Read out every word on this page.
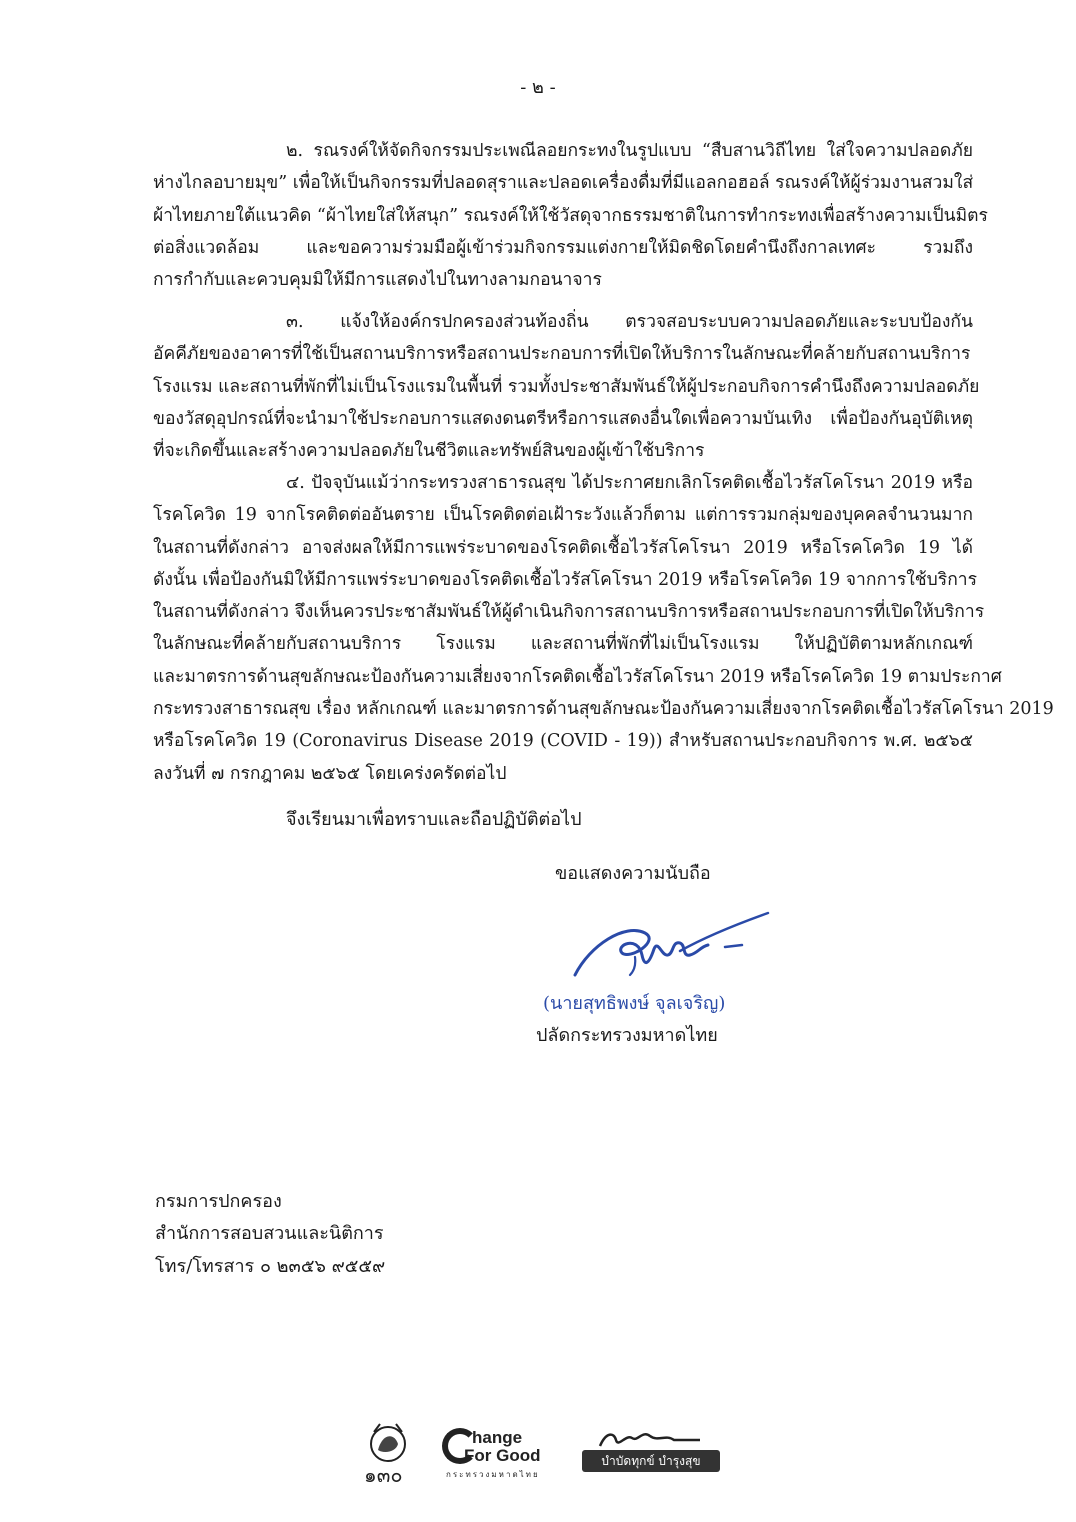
- ๒ -
๒. รณรงค์ให้จัดกิจกรรมประเพณีลอยกระทงในรูปแบบ “สืบสานวิถีไทย ใส่ใจความปลอดภัย
ห่างไกลอบายมุข” เพื่อให้เป็นกิจกรรมที่ปลอดสุราและปลอดเครื่องดื่มที่มีแอลกอฮอล์ รณรงค์ให้ผู้ร่วมงานสวมใส่
ผ้าไทยภายใต้แนวคิด “ผ้าไทยใส่ให้สนุก” รณรงค์ให้ใช้วัสดุจากธรรมชาติในการทำกระทงเพื่อสร้างความเป็นมิตร
ต่อสิ่งแวดล้อม และขอความร่วมมือผู้เข้าร่วมกิจกรรมแต่งกายให้มิดชิดโดยคำนึงถึงกาลเทศะ รวมถึง
การกำกับและควบคุมมิให้มีการแสดงไปในทางลามกอนาจาร
๓. แจ้งให้องค์กรปกครองส่วนท้องถิ่น ตรวจสอบระบบความปลอดภัยและระบบป้องกัน
อัคคีภัยของอาคารที่ใช้เป็นสถานบริการหรือสถานประกอบการที่เปิดให้บริการในลักษณะที่คล้ายกับสถานบริการ
โรงแรม และสถานที่พักที่ไม่เป็นโรงแรมในพื้นที่ รวมทั้งประชาสัมพันธ์ให้ผู้ประกอบกิจการคำนึงถึงความปลอดภัย
ของวัสดุอุปกรณ์ที่จะนำมาใช้ประกอบการแสดงดนตรีหรือการแสดงอื่นใดเพื่อความบันเทิง เพื่อป้องกันอุบัติเหตุ
ที่จะเกิดขึ้นและสร้างความปลอดภัยในชีวิตและทรัพย์สินของผู้เข้าใช้บริการ
๔. ปัจจุบันแม้ว่ากระทรวงสาธารณสุข ได้ประกาศยกเลิกโรคติดเชื้อไวรัสโคโรนา 2019 หรือ
โรคโควิด 19 จากโรคติดต่ออันตราย เป็นโรคติดต่อเฝ้าระวังแล้วก็ตาม แต่การรวมกลุ่มของบุคคลจำนวนมาก
ในสถานที่ดังกล่าว อาจส่งผลให้มีการแพร่ระบาดของโรคติดเชื้อไวรัสโคโรนา 2019 หรือโรคโควิด 19 ได้
ดังนั้น เพื่อป้องกันมิให้มีการแพร่ระบาดของโรคติดเชื้อไวรัสโคโรนา 2019 หรือโรคโควิด 19 จากการใช้บริการ
ในสถานที่ดังกล่าว จึงเห็นควรประชาสัมพันธ์ให้ผู้ดำเนินกิจการสถานบริการหรือสถานประกอบการที่เปิดให้บริการ
ในลักษณะที่คล้ายกับสถานบริการ โรงแรม และสถานที่พักที่ไม่เป็นโรงแรม ให้ปฏิบัติตามหลักเกณฑ์
และมาตรการด้านสุขลักษณะป้องกันความเสี่ยงจากโรคติดเชื้อไวรัสโคโรนา 2019 หรือโรคโควิด 19 ตามประกาศ
กระทรวงสาธารณสุข เรื่อง หลักเกณฑ์ และมาตรการด้านสุขลักษณะป้องกันความเสี่ยงจากโรคติดเชื้อไวรัสโคโรนา 2019
หรือโรคโควิด 19 (Coronavirus Disease 2019 (COVID - 19)) สำหรับสถานประกอบกิจการ พ.ศ. ๒๕๖๕
ลงวันที่ ๗ กรกฎาคม ๒๕๖๕ โดยเคร่งครัดต่อไป
จึงเรียนมาเพื่อทราบและถือปฏิบัติต่อไป
ขอแสดงความนับถือ
(นายสุทธิพงษ์ จุลเจริญ)
ปลัดกระทรวงมหาดไทย
กรมการปกครอง
สำนักการสอบสวนและนิติการ
โทร/โทรสาร ๐ ๒๓๕๖ ๙๕๕๙
๑๓๐
hange
For Good
กระทรวงมหาดไทย
บำบัดทุกข์ บำรุงสุข
